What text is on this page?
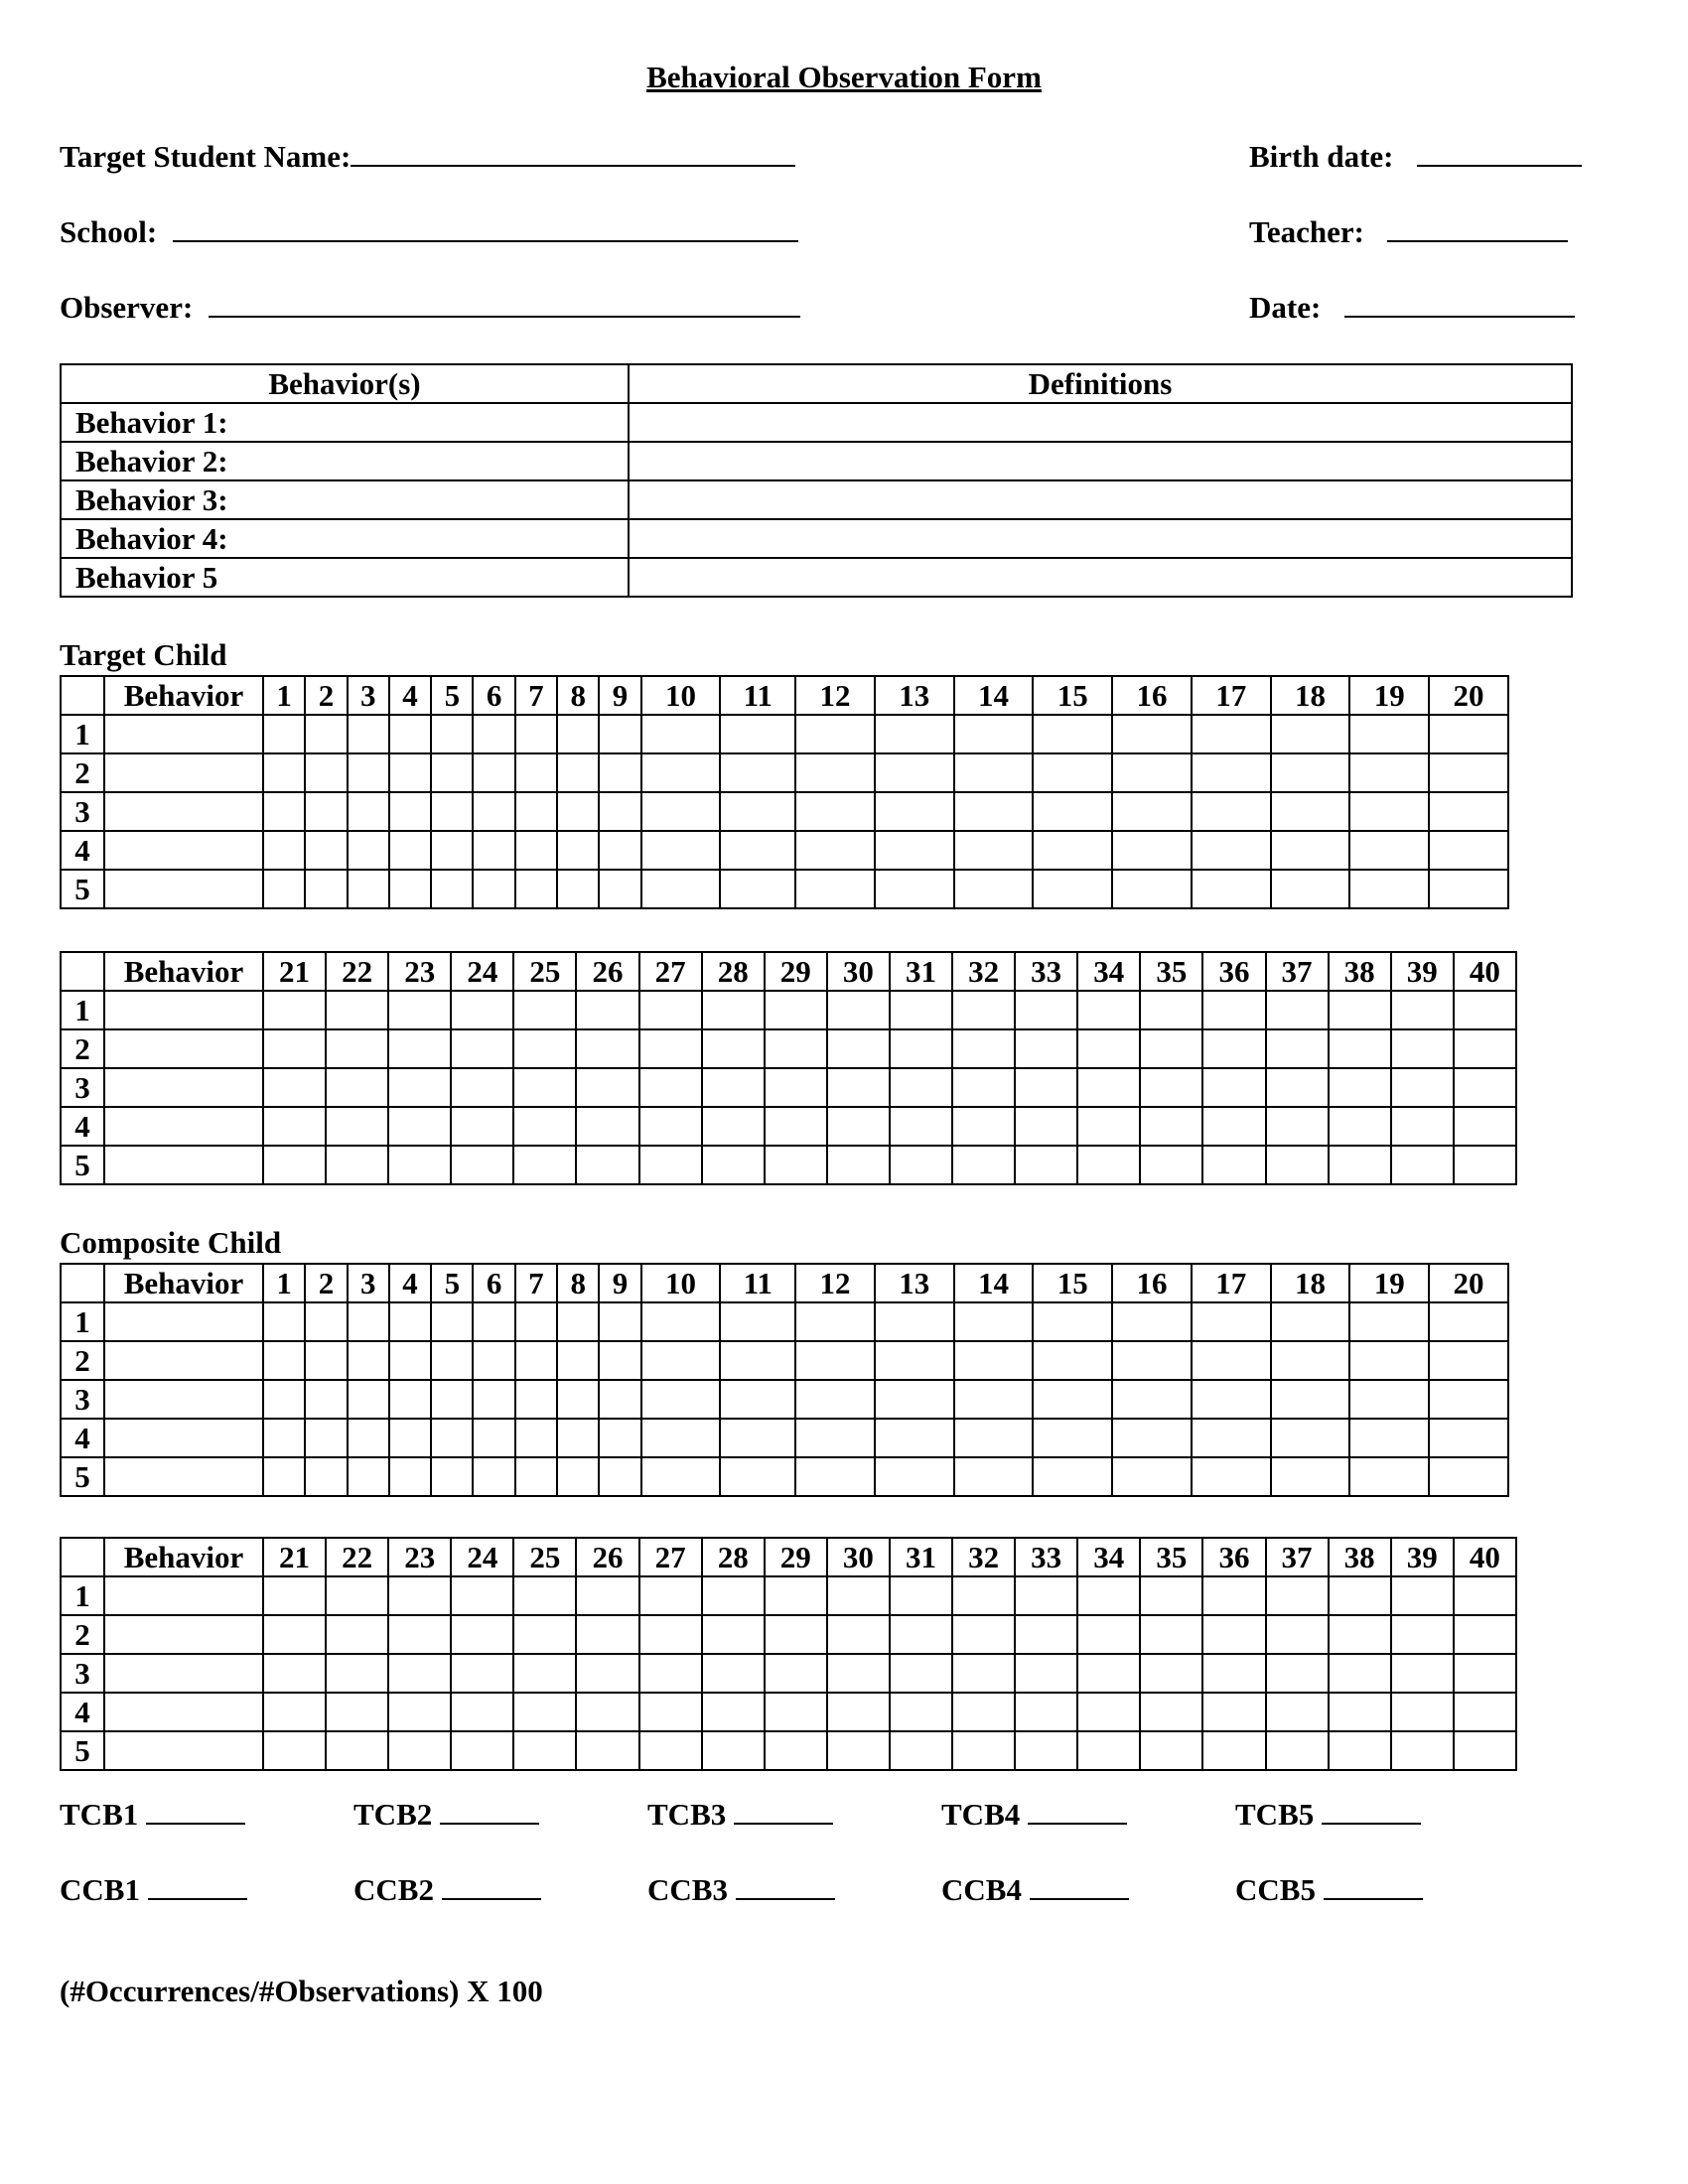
Behavioral Observation Form
Target Student Name:	Birth date:
School:	Teacher:
Observer:	Date:
Behavior(s)	Definitions
Behavior 1:	
Behavior 2:	
Behavior 3:	
Behavior 4:	
Behavior 5	
Target Child
	Behavior	1	2	3	4	5	6	7	8	9	10	11	12	13	14	15	16	17	18	19	20
1																					
2																					
3																					
4																					
5																					
	Behavior	21	22	23	24	25	26	27	28	29	30	31	32	33	34	35	36	37	38	39	40
1																					
2																					
3																					
4																					
5																					
Composite Child
	Behavior	1	2	3	4	5	6	7	8	9	10	11	12	13	14	15	16	17	18	19	20
1																					
2																					
3																					
4																					
5																					
	Behavior	21	22	23	24	25	26	27	28	29	30	31	32	33	34	35	36	37	38	39	40
1																					
2																					
3																					
4																					
5																					
TCB1	TCB2	TCB3	TCB4	TCB5
CCB1	CCB2	CCB3	CCB4	CCB5
(#Occurrences/#Observations) X 100
